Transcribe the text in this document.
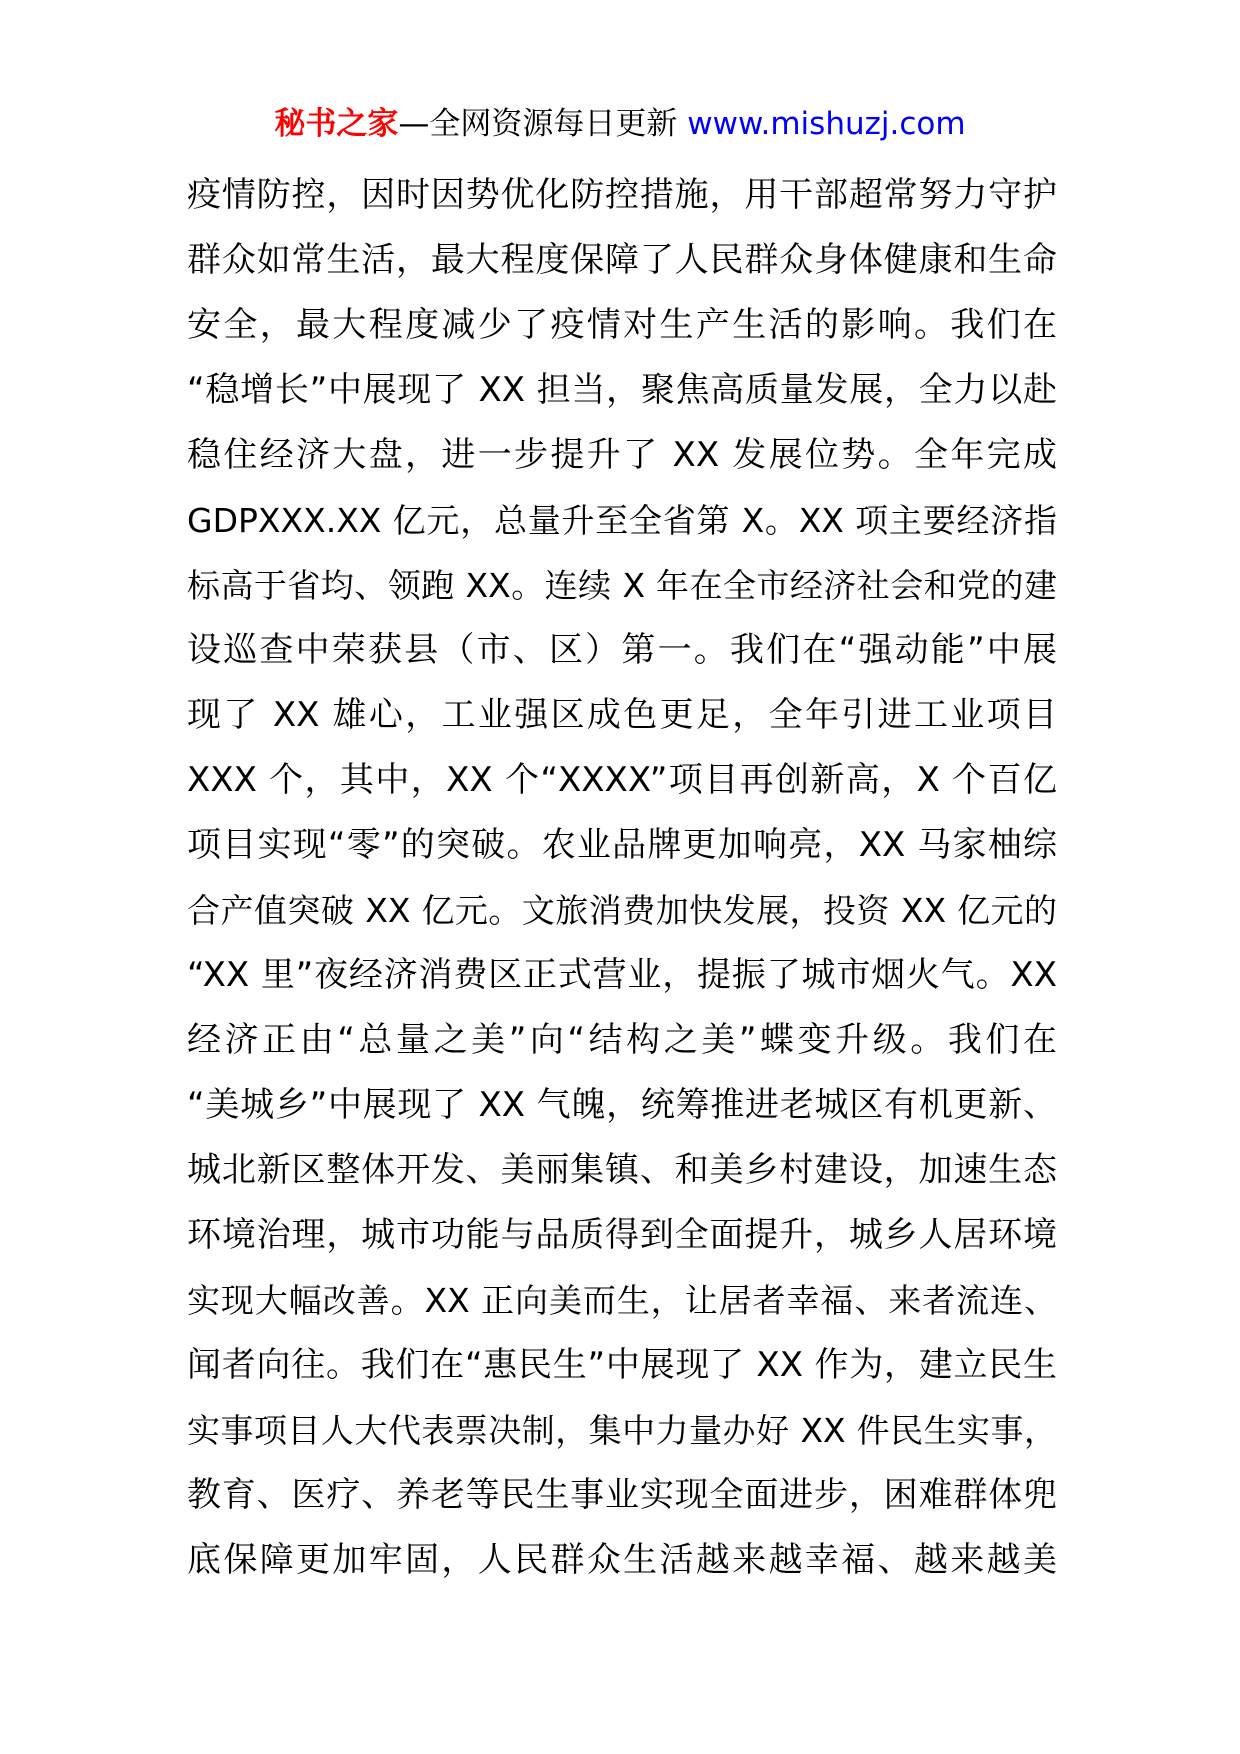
秘书之家—全网资源每日更新 www.mishuzj.com
疫情防控，因时因势优化防控措施，用干部超常努力守护
群众如常生活，最大程度保障了人民群众身体健康和生命
安全，最大程度减少了疫情对生产生活的影响。我们在
“稳增长”中展现了 XX 担当，聚焦高质量发展，全力以赴
稳住经济大盘，进一步提升了 XX 发展位势。全年完成
GDPXXX.XX 亿元，总量升至全省第 X。XX 项主要经济指
标高于省均、领跑 XX。连续 X 年在全市经济社会和党的建
设巡查中荣获县（市、区）第一。我们在“强动能”中展
现了 XX 雄心，工业强区成色更足，全年引进工业项目
XXX 个，其中，XX 个“XXXX”项目再创新高，X 个百亿
项目实现“零”的突破。农业品牌更加响亮，XX 马家柚综
合产值突破 XX 亿元。文旅消费加快发展，投资 XX 亿元的
“XX 里”夜经济消费区正式营业，提振了城市烟火气。XX
经济正由“总量之美”向“结构之美”蝶变升级。我们在
“美城乡”中展现了 XX 气魄，统筹推进老城区有机更新、
城北新区整体开发、美丽集镇、和美乡村建设，加速生态
环境治理，城市功能与品质得到全面提升，城乡人居环境
实现大幅改善。XX 正向美而生，让居者幸福、来者流连、
闻者向往。我们在“惠民生”中展现了 XX 作为，建立民生
实事项目人大代表票决制，集中力量办好 XX 件民生实事，
教育、医疗、养老等民生事业实现全面进步，困难群体兜
底保障更加牢固，人民群众生活越来越幸福、越来越美
